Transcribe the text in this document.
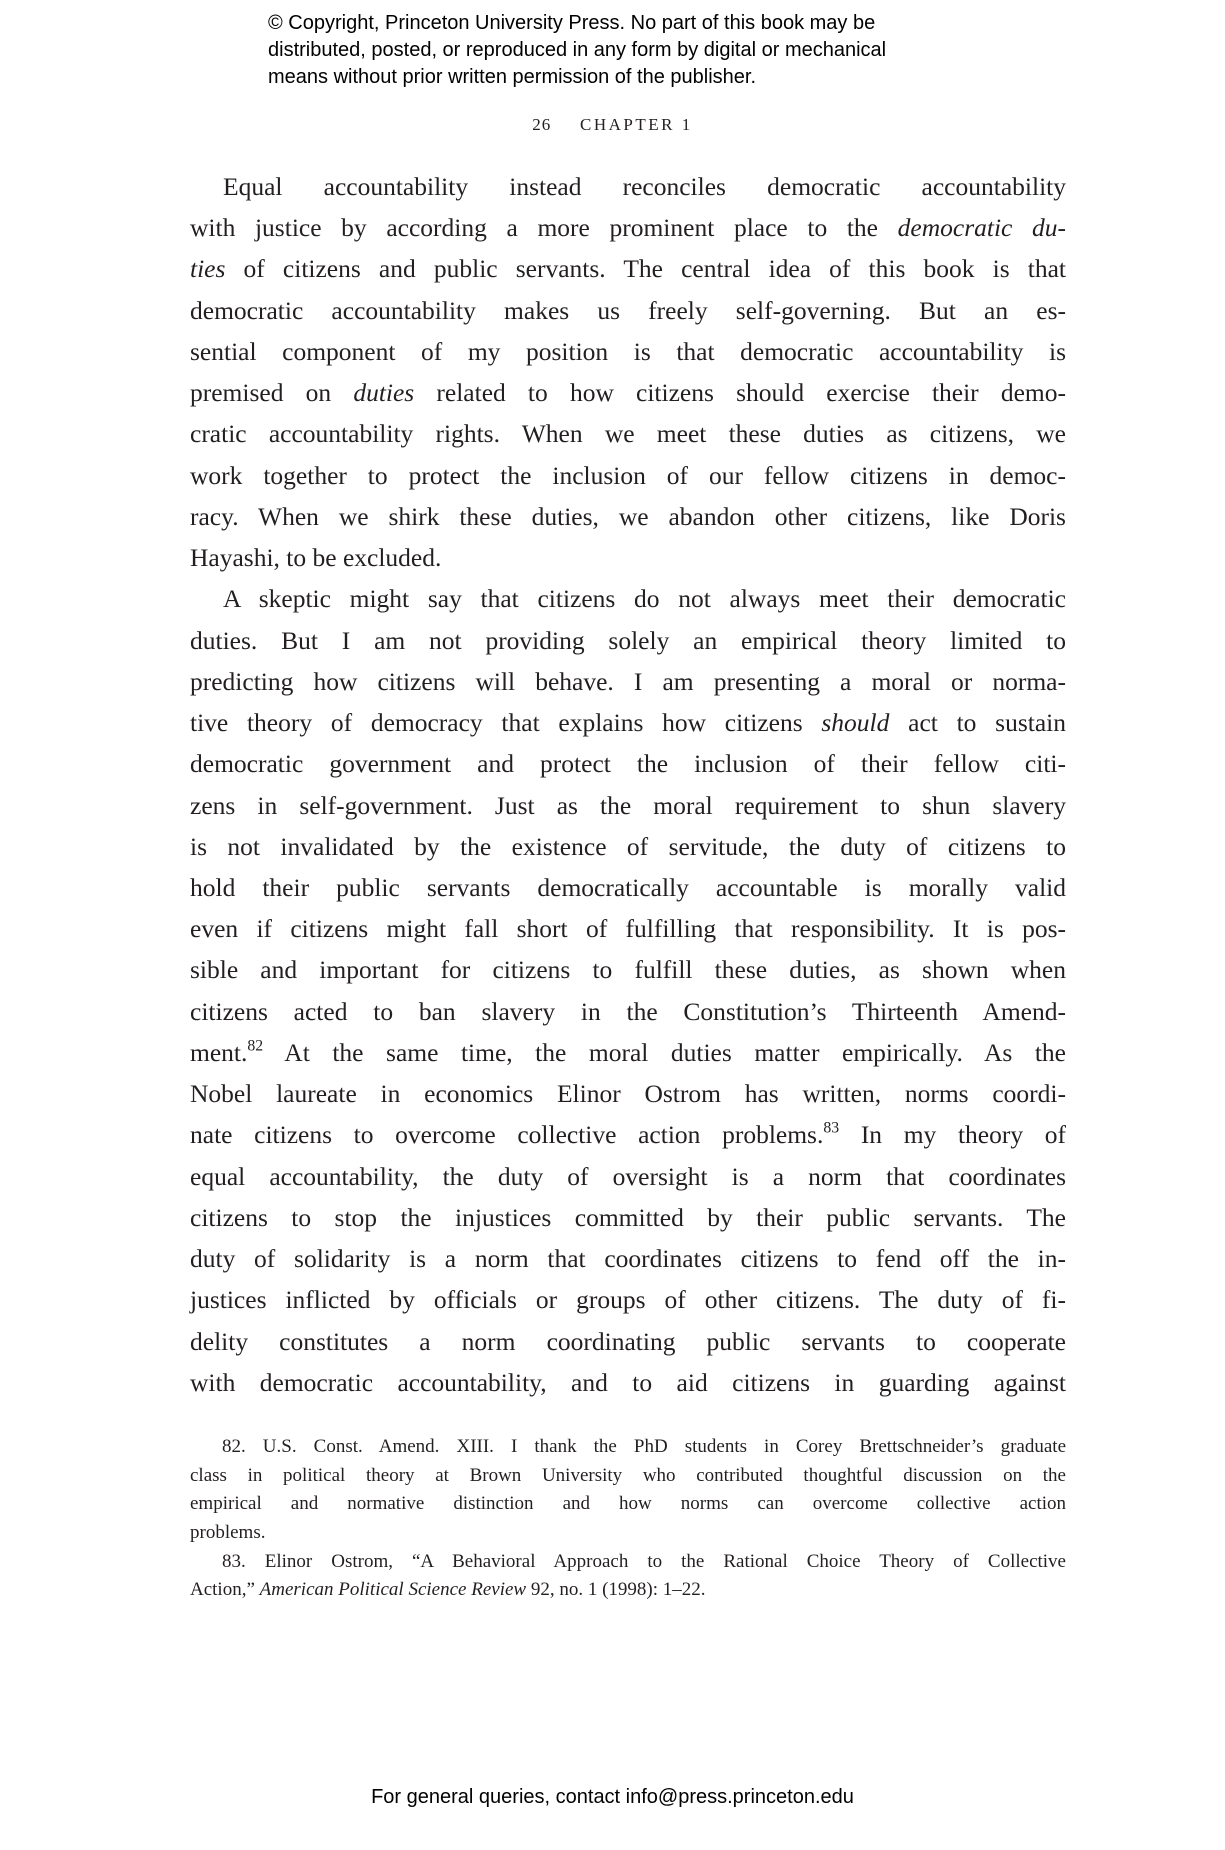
© Copyright, Princeton University Press. No part of this book may be
distributed, posted, or reproduced in any form by digital or mechanical
means without prior written permission of the publisher.
26 CHAPTER 1
Equal accountability instead reconciles democratic accountability
with justice by according a more prominent place to the democratic du-
ties of citizens and public servants. The central idea of this book is that
democratic accountability makes us freely self-governing. But an es-
sential component of my position is that democratic accountability is
premised on duties related to how citizens should exercise their demo-
cratic accountability rights. When we meet these duties as citizens, we
work together to protect the inclusion of our fellow citizens in democ-
racy. When we shirk these duties, we abandon other citizens, like Doris
Hayashi, to be excluded.
A skeptic might say that citizens do not always meet their democratic
duties. But I am not providing solely an empirical theory limited to
predicting how citizens will behave. I am presenting a moral or norma-
tive theory of democracy that explains how citizens should act to sustain
democratic government and protect the inclusion of their fellow citi-
zens in self-government. Just as the moral requirement to shun slavery
is not invalidated by the existence of servitude, the duty of citizens to
hold their public servants democratically accountable is morally valid
even if citizens might fall short of fulfilling that responsibility. It is pos-
sible and important for citizens to fulfill these duties, as shown when
citizens acted to ban slavery in the Constitution’s Thirteenth Amend-
ment.$^{82}$ At the same time, the moral duties matter empirically. As the
Nobel laureate in economics Elinor Ostrom has written, norms coordi-
nate citizens to overcome collective action problems.$^{83}$ In my theory of
equal accountability, the duty of oversight is a norm that coordinates
citizens to stop the injustices committed by their public servants. The
duty of solidarity is a norm that coordinates citizens to fend off the in-
justices inflicted by officials or groups of other citizens. The duty of fi-
delity constitutes a norm coordinating public servants to cooperate
with democratic accountability, and to aid citizens in guarding against
82. U.S. Const. Amend. XIII. I thank the PhD students in Corey Brettschneider’s graduate
class in political theory at Brown University who contributed thoughtful discussion on the
empirical and normative distinction and how norms can overcome collective action
problems.
83. Elinor Ostrom, “A Behavioral Approach to the Rational Choice Theory of Collective
Action,” American Political Science Review 92, no. 1 (1998): 1–22.
For general queries, contact info@press.princeton.edu
